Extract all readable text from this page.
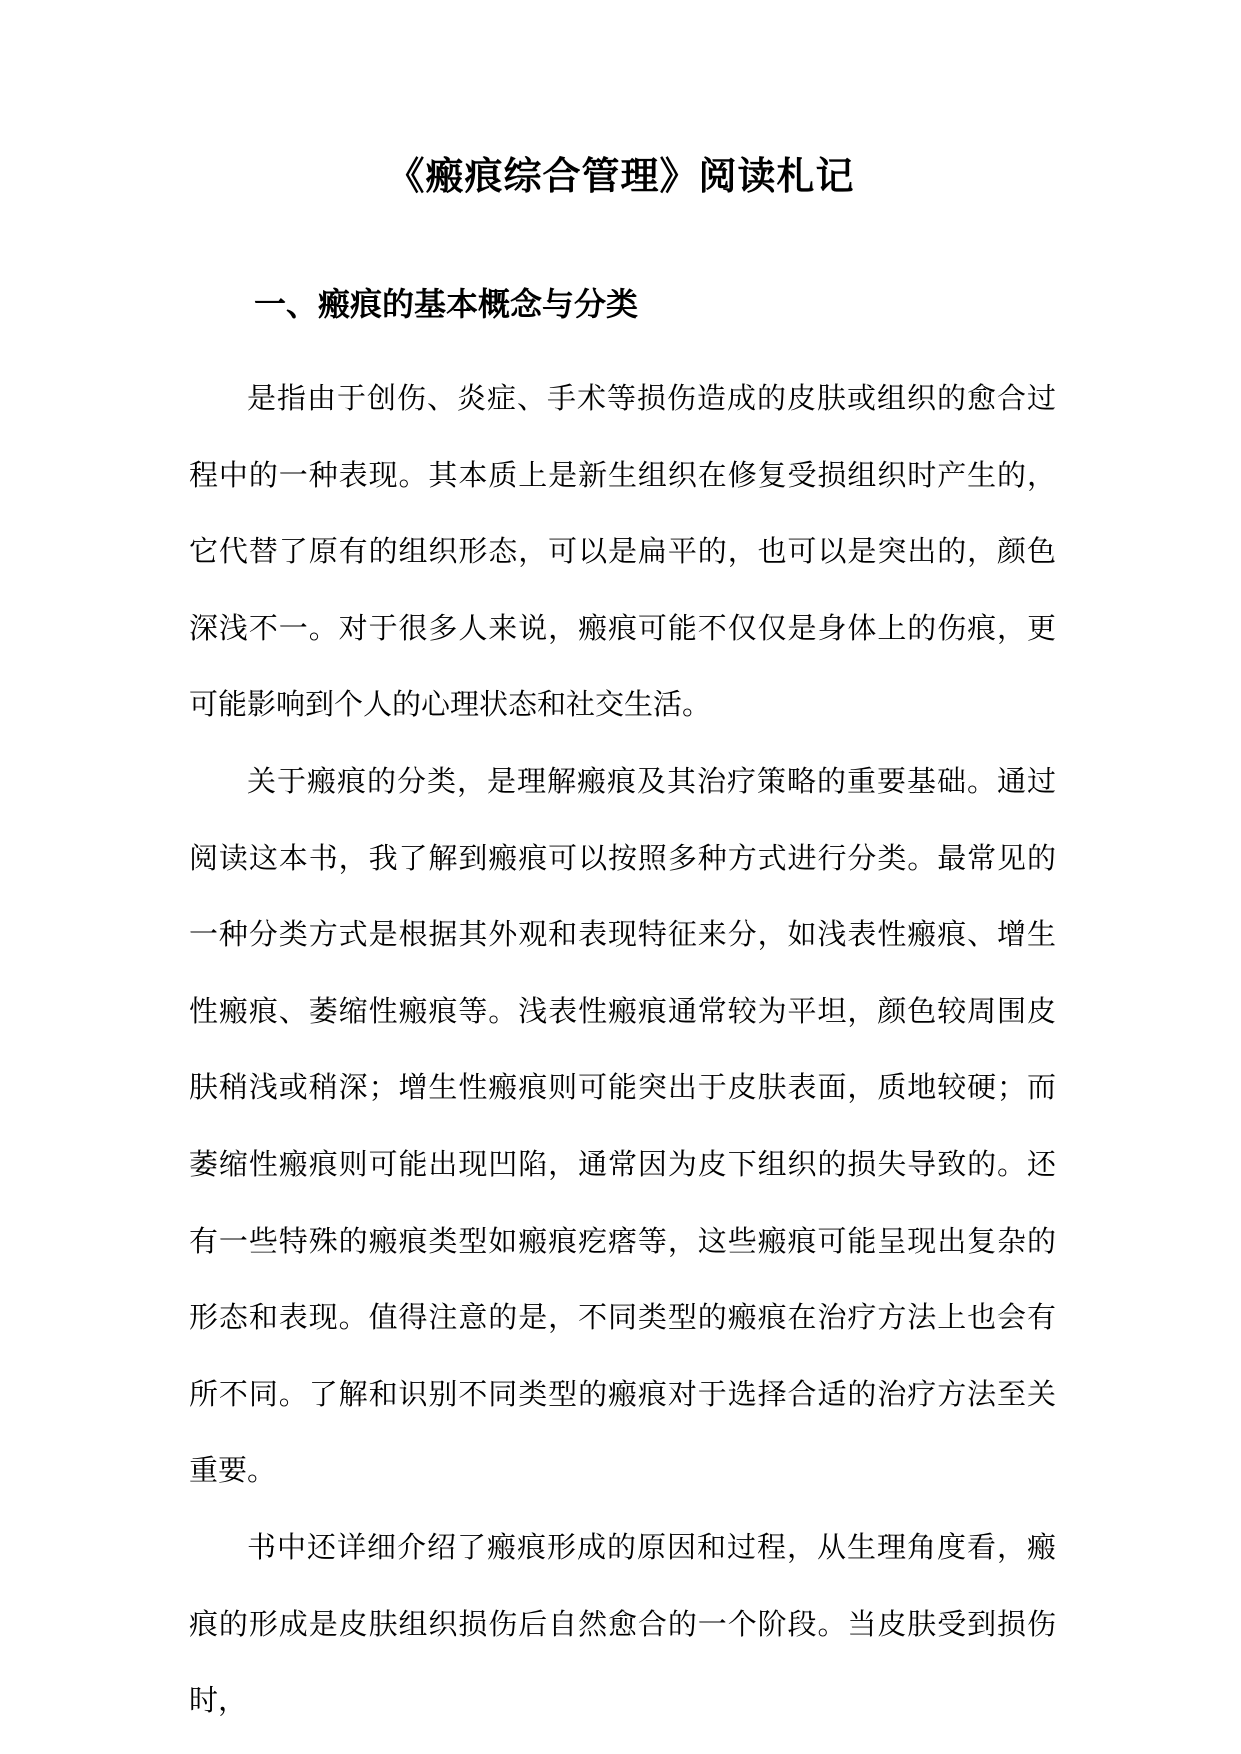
《瘢痕综合管理》阅读札记
一、瘢痕的基本概念与分类

是指由于创伤、炎症、手术等损伤造成的皮肤或组织的愈合过程中的一种表现。其本质上是新生组织在修复受损组织时产生的，它代替了原有的组织形态，可以是扁平的，也可以是突出的，颜色深浅不一。对于很多人来说，瘢痕可能不仅仅是身体上的伤痕，更可能影响到个人的心理状态和社交生活。

关于瘢痕的分类，是理解瘢痕及其治疗策略的重要基础。通过阅读这本书，我了解到瘢痕可以按照多种方式进行分类。最常见的一种分类方式是根据其外观和表现特征来分，如浅表性瘢痕、增生性瘢痕、萎缩性瘢痕等。浅表性瘢痕通常较为平坦，颜色较周围皮肤稍浅或稍深；增生性瘢痕则可能突出于皮肤表面，质地较硬；而萎缩性瘢痕则可能出现凹陷，通常因为皮下组织的损失导致的。还有一些特殊的瘢痕类型如瘢痕疙瘩等，这些瘢痕可能呈现出复杂的形态和表现。值得注意的是，不同类型的瘢痕在治疗方法上也会有所不同。了解和识别不同类型的瘢痕对于选择合适的治疗方法至关重要。

书中还详细介绍了瘢痕形成的原因和过程，从生理角度看，瘢痕的形成是皮肤组织损伤后自然愈合的一个阶段。当皮肤受到损伤时，
